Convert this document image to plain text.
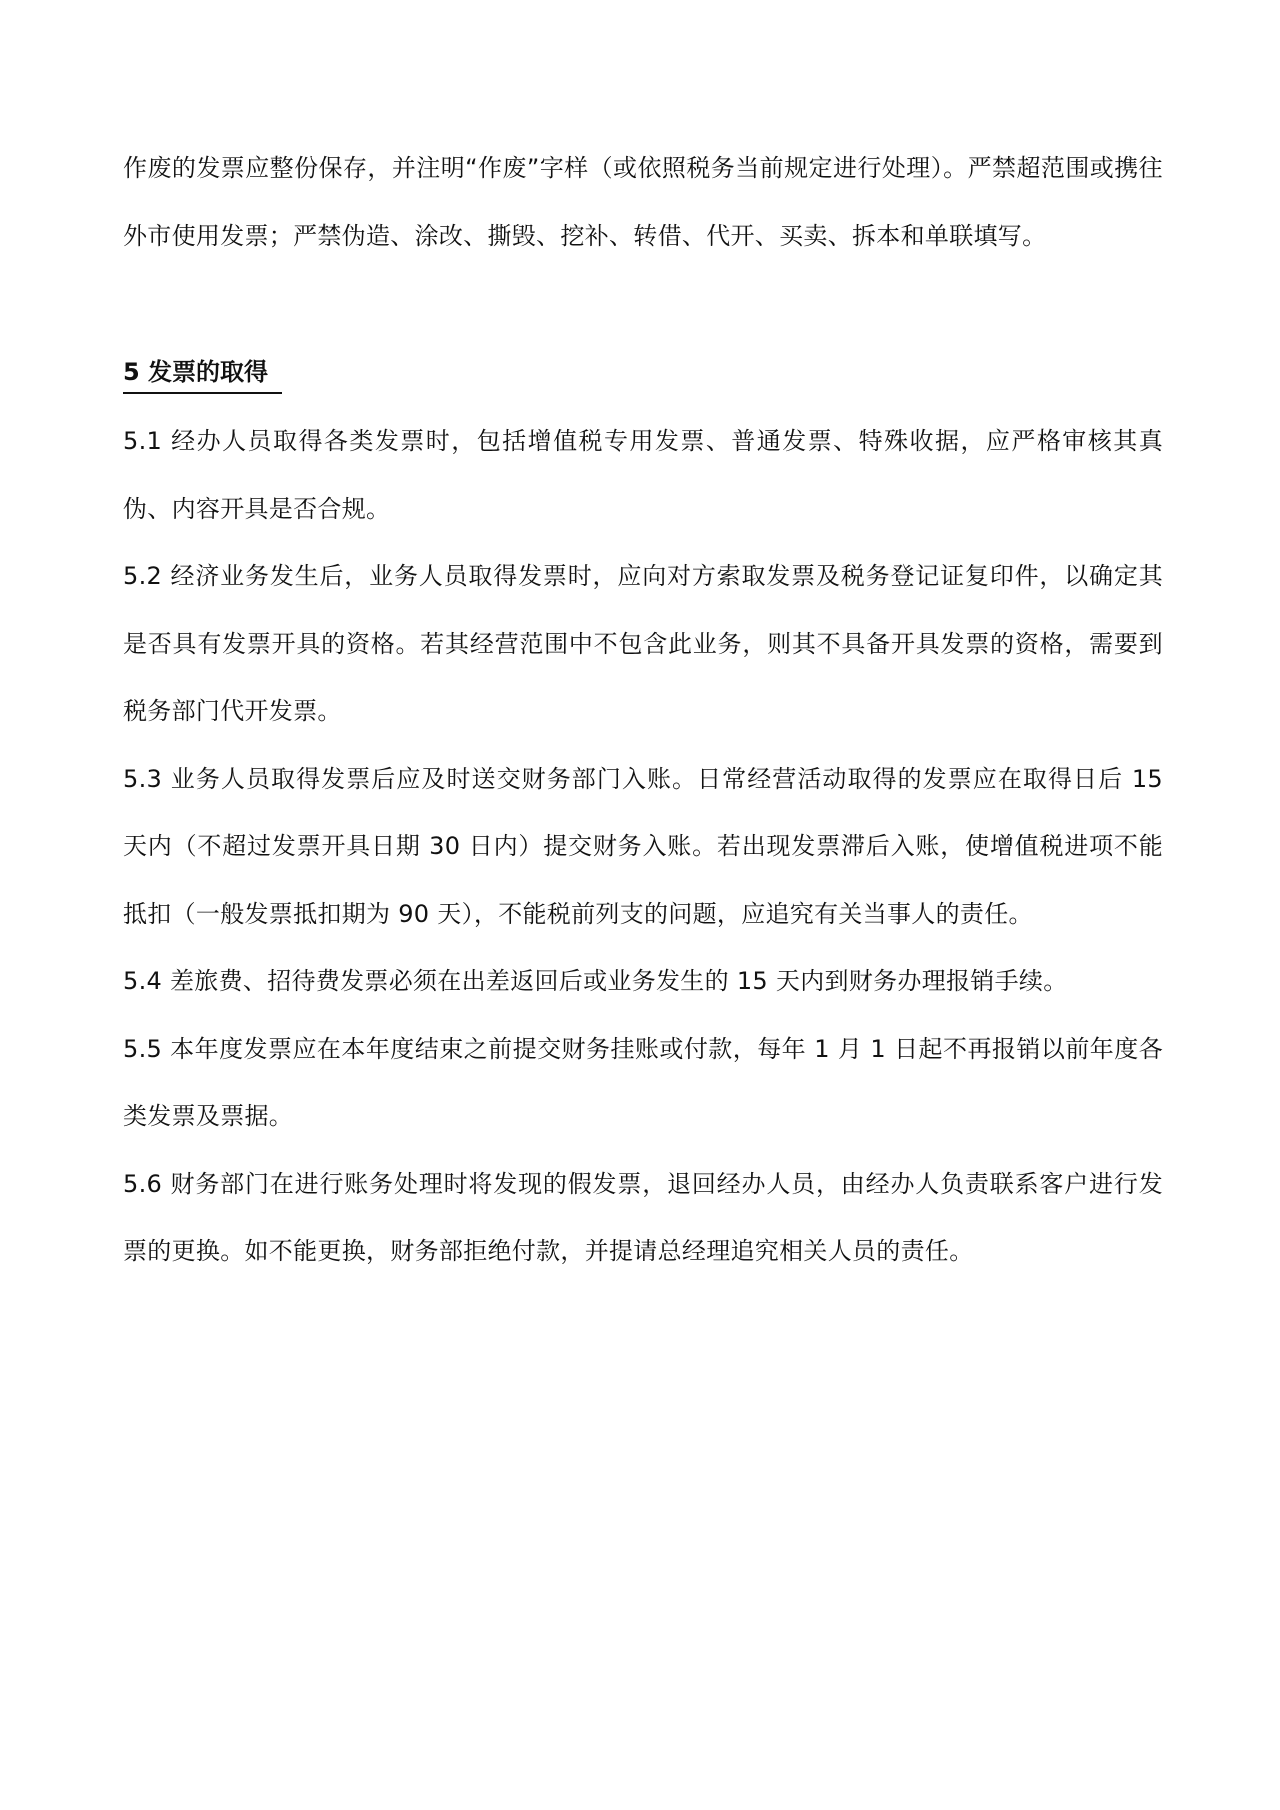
作废的发票应整份保存，并注明“作废”字样（或依照税务当前规定进行处理）。严禁超范围或携往外市使用发票；严禁伪造、涂改、撕毁、挖补、转借、代开、买卖、拆本和单联填写。

5 发票的取得

5.1 经办人员取得各类发票时，包括增值税专用发票、普通发票、特殊收据，应严格审核其真伪、内容开具是否合规。

5.2 经济业务发生后，业务人员取得发票时，应向对方索取发票及税务登记证复印件，以确定其是否具有发票开具的资格。若其经营范围中不包含此业务，则其不具备开具发票的资格，需要到税务部门代开发票。

5.3 业务人员取得发票后应及时送交财务部门入账。日常经营活动取得的发票应在取得日后 15 天内（不超过发票开具日期 30 日内）提交财务入账。若出现发票滞后入账，使增值税进项不能抵扣（一般发票抵扣期为 90 天），不能税前列支的问题，应追究有关当事人的责任。

5.4 差旅费、招待费发票必须在出差返回后或业务发生的 15 天内到财务办理报销手续。

5.5 本年度发票应在本年度结束之前提交财务挂账或付款，每年 1 月 1 日起不再报销以前年度各类发票及票据。

5.6 财务部门在进行账务处理时将发现的假发票，退回经办人员，由经办人负责联系客户进行发票的更换。如不能更换，财务部拒绝付款，并提请总经理追究相关人员的责任。
